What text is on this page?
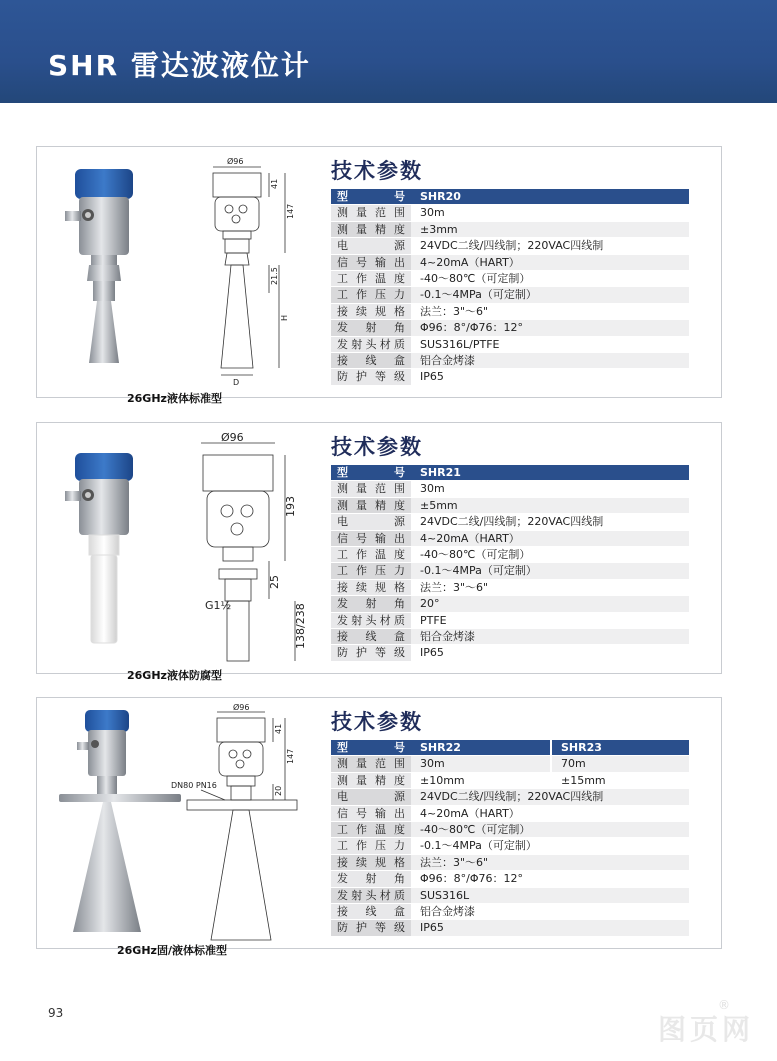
SHR 雷达波液位计
Ø96
41
147
21.5
H
D
26GHz液体标准型
技术参数
型 号	SHR20
测量范围	30m
测量精度	±3mm
电 源	24VDC二线/四线制；220VAC四线制
信号输出	4~20mA（HART）
工作温度	-40～80℃（可定制）
工作压力	-0.1～4MPa（可定制）
接续规格	法兰：3"～6"
发 射 角	Φ96：8°/Φ76：12°
发射头材质	SUS316L/PTFE
接 线 盒	铝合金烤漆
防护等级	IP65
Ø96
193
25
138/238
G1½
26GHz液体防腐型
技术参数
型 号	SHR21
测量范围	30m
测量精度	±5mm
电 源	24VDC二线/四线制；220VAC四线制
信号输出	4~20mA（HART）
工作温度	-40～80℃（可定制）
工作压力	-0.1～4MPa（可定制）
接续规格	法兰：3"～6"
发 射 角	20°
发射头材质	PTFE
接 线 盒	铝合金烤漆
防护等级	IP65
Ø96
41
147
20
DN80 PN16
26GHz固/液体标准型
技术参数
型 号	SHR22	SHR23
测量范围	30m	70m
测量精度	±10mm	±15mm
电 源	24VDC二线/四线制；220VAC四线制
信号输出	4~20mA（HART）
工作温度	-40～80℃（可定制）
工作压力	-0.1～4MPa（可定制）
接续规格	法兰：3"～6"
发 射 角	Φ96：8°/Φ76：12°
发射头材质	SUS316L
接 线 盒	铝合金烤漆
防护等级	IP65
93	图页网
®
